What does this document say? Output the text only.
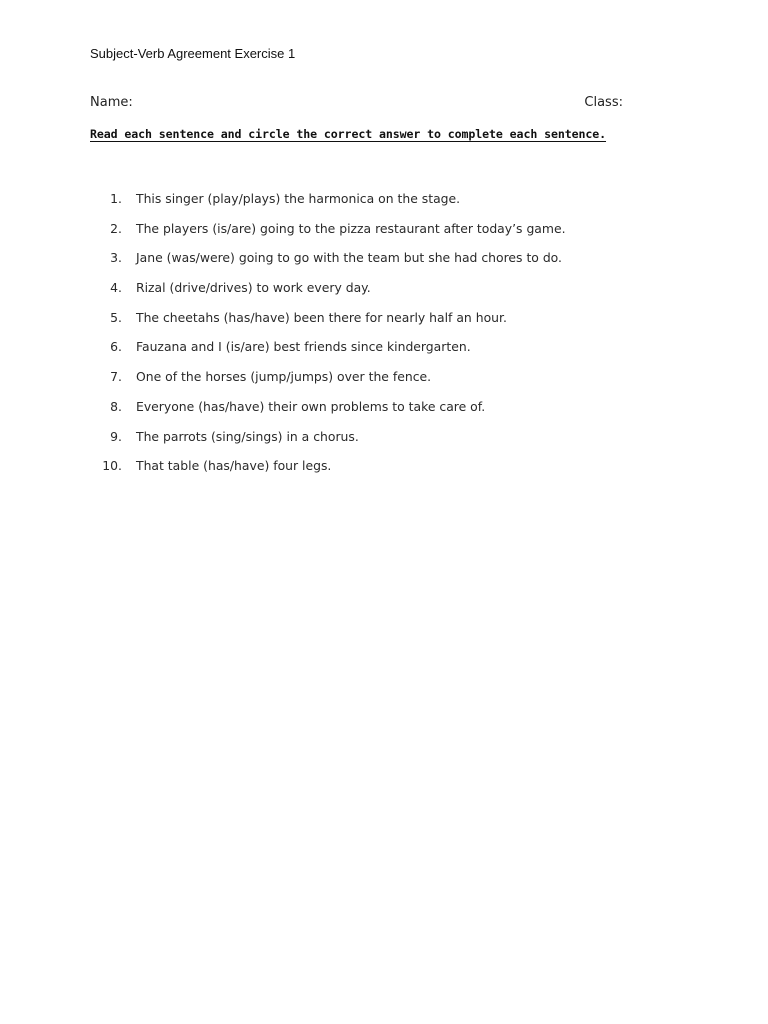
Subject-Verb Agreement Exercise 1
Name:	Class:
Read each sentence and circle the correct answer to complete each sentence.
1. This singer (play/plays) the harmonica on the stage.
2. The players (is/are) going to the pizza restaurant after today’s game.
3. Jane (was/were) going to go with the team but she had chores to do.
4. Rizal (drive/drives) to work every day.
5. The cheetahs (has/have) been there for nearly half an hour.
6. Fauzana and I (is/are) best friends since kindergarten.
7. One of the horses (jump/jumps) over the fence.
8. Everyone (has/have) their own problems to take care of.
9. The parrots (sing/sings) in a chorus.
10. That table (has/have) four legs.
